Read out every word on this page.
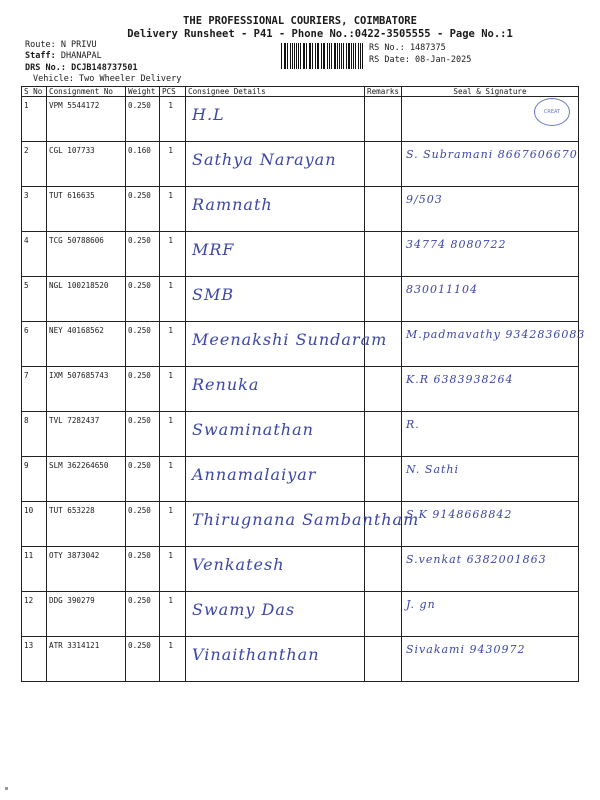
THE PROFESSIONAL COURIERS, COIMBATORE
Delivery Runsheet - P41 - Phone No.:0422-3505555 - Page No.:1
Route: N PRIVU
Staff: DHANAPAL
DRS No.: DCJB148737501
Vehicle: Two Wheeler Delivery
RS No.: 1487375
RS Date: 08-Jan-2025
S No	Consignment No	Weight	PCS	Consignee Details	Remarks	Seal & Signature
1	VPM 5544172	0.250	1	H.L		CREAT

2	CGL 107733	0.160	1	Sathya Narayan		S. Subramani 8667606670

3	TUT 616635	0.250	1	Ramnath		9/503

4	TCG 50788606	0.250	1	MRF		34774 8080722

5	NGL 100218520	0.250	1	SMB		830011104

6	NEY 40168562	0.250	1	Meenakshi Sundaram		M.padmavathy 9342836083

7	IXM 507685743	0.250	1	Renuka		K.R 6383938264

8	TVL 7282437	0.250	1	Swaminathan		R.

9	SLM 362264650	0.250	1	Annamalaiyar		N. Sathi

10	TUT 653228	0.250	1	Thirugnana Sambantham		S.K 9148668842

11	OTY 3873042	0.250	1	Venkatesh		S.venkat 6382001863

12	DDG 390279	0.250	1	Swamy Das		J. gn

13	ATR 3314121	0.250	1	Vinaithanthan		Sivakami 9430972
